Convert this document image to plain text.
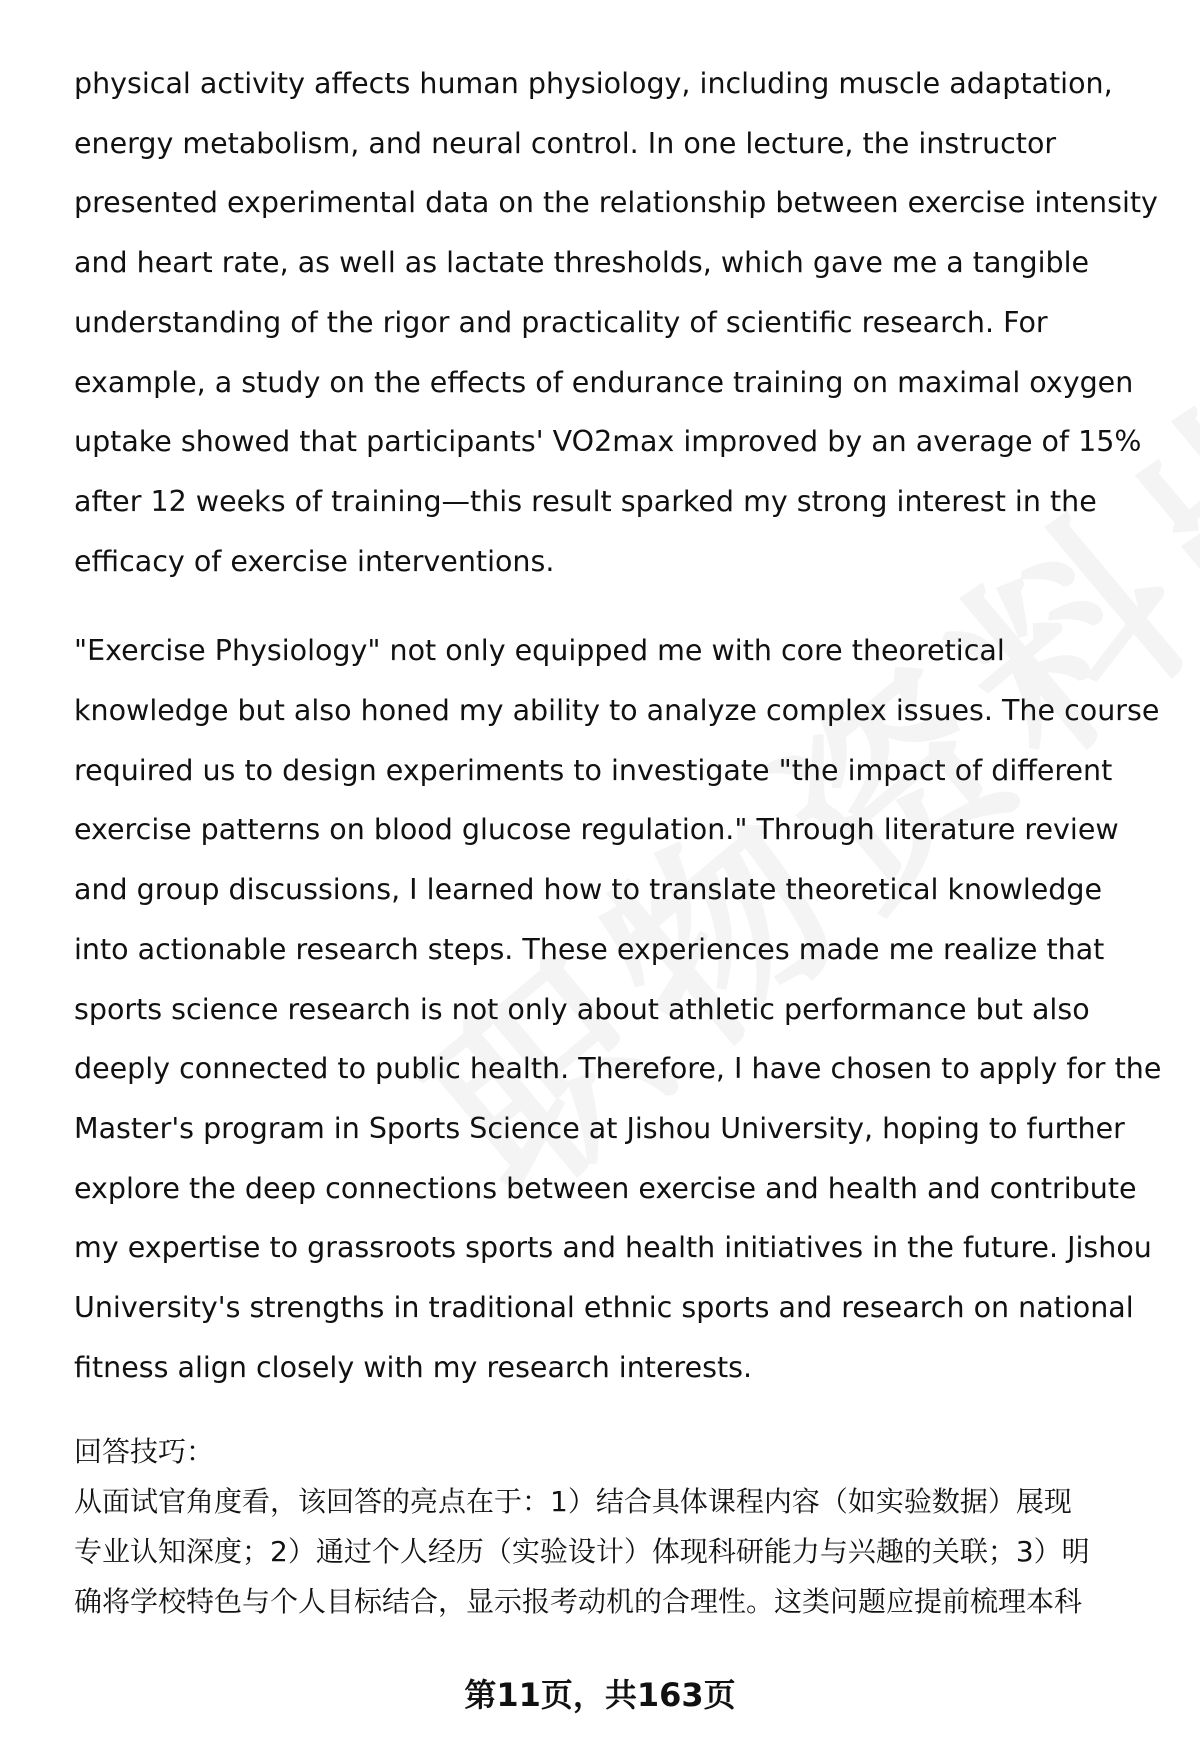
physical activity affects human physiology, including muscle adaptation,
energy metabolism, and neural control. In one lecture, the instructor
presented experimental data on the relationship between exercise intensity
and heart rate, as well as lactate thresholds, which gave me a tangible
understanding of the rigor and practicality of scientific research. For
example, a study on the effects of endurance training on maximal oxygen
uptake showed that participants' VO2max improved by an average of 15%
after 12 weeks of training—this result sparked my strong interest in the
efficacy of exercise interventions.

"Exercise Physiology" not only equipped me with core theoretical
knowledge but also honed my ability to analyze complex issues. The course
required us to design experiments to investigate "the impact of different
exercise patterns on blood glucose regulation." Through literature review
and group discussions, I learned how to translate theoretical knowledge
into actionable research steps. These experiences made me realize that
sports science research is not only about athletic performance but also
deeply connected to public health. Therefore, I have chosen to apply for the
Master's program in Sports Science at Jishou University, hoping to further
explore the deep connections between exercise and health and contribute
my expertise to grassroots sports and health initiatives in the future. Jishou
University's strengths in traditional ethnic sports and research on national
fitness align closely with my research interests.

回答技巧：

从面试官角度看，该回答的亮点在于：1）结合具体课程内容（如实验数据）展现
专业认知深度；2）通过个人经历（实验设计）体现科研能力与兴趣的关联；3）明
确将学校特色与个人目标结合，显示报考动机的合理性。这类问题应提前梳理本科

第11页，共163页
